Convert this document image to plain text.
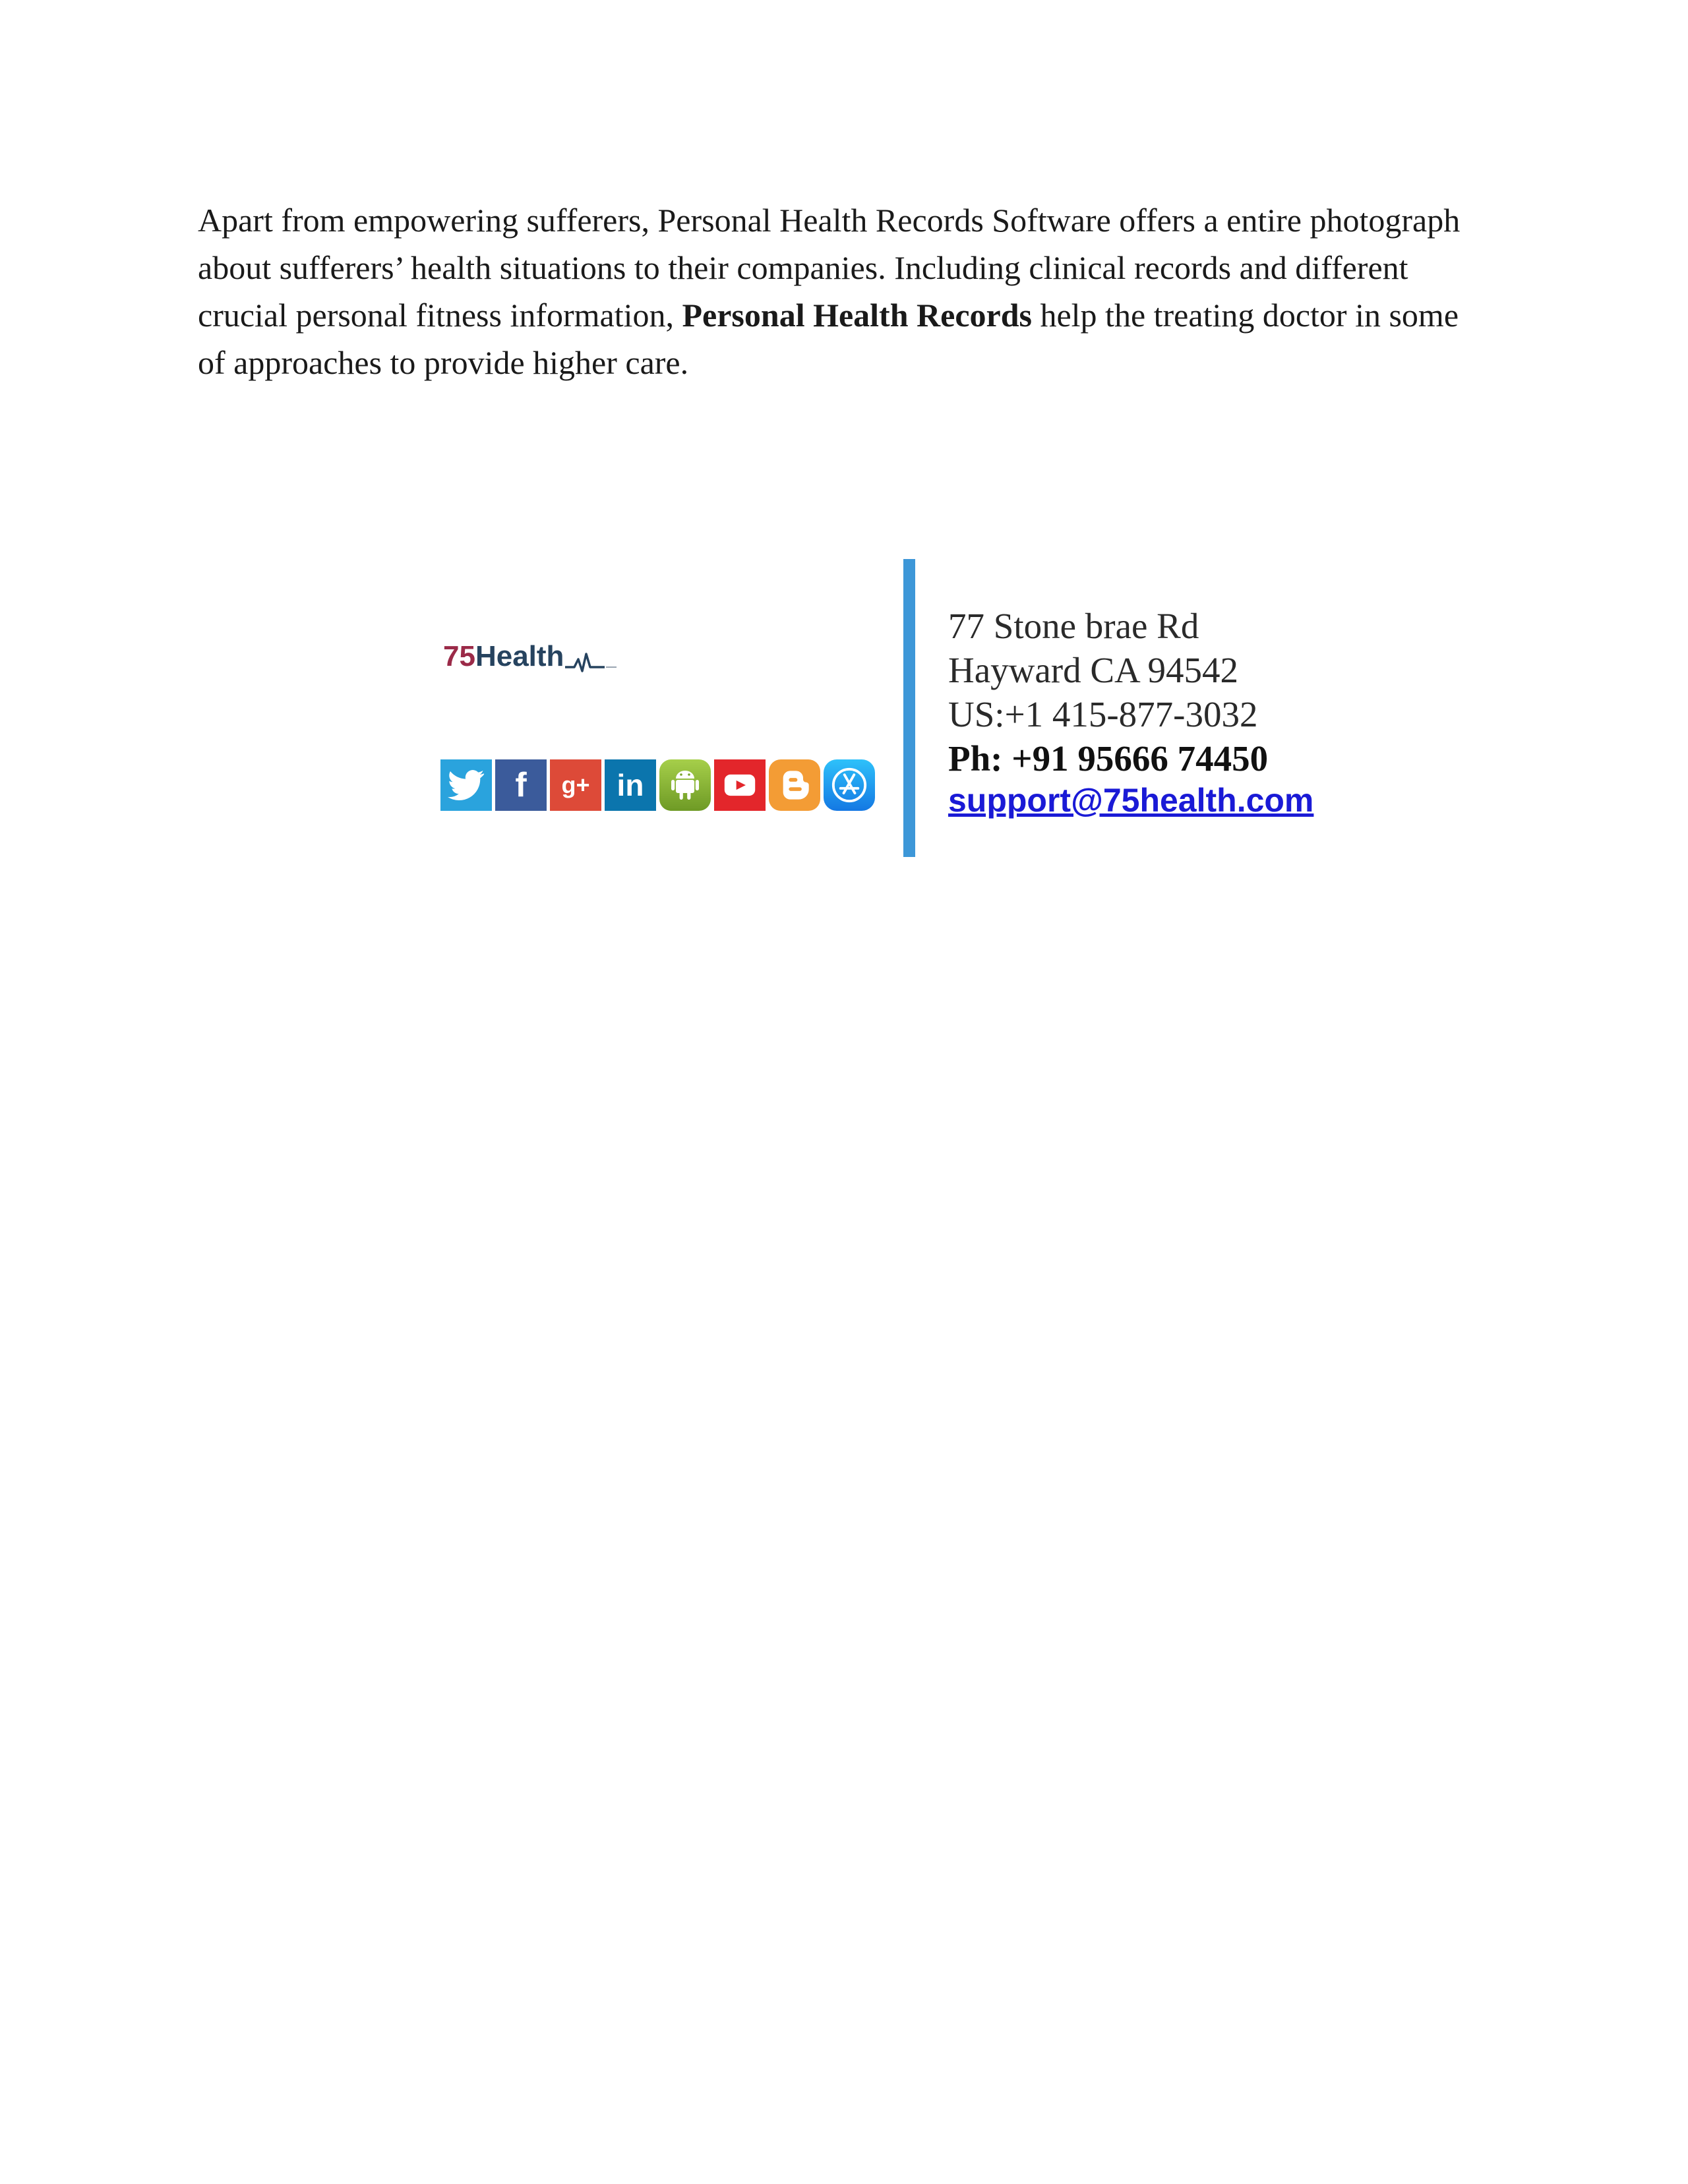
Apart from empowering sufferers, Personal Health Records Software offers a entire photograph about sufferers’ health situations to their companies. Including clinical records and different crucial personal fitness information, Personal Health Records help the treating doctor in some of approaches to provide higher care.

75 Health
f g+ in
77 Stone brae Rd
Hayward CA 94542
US:+1 415-877-3032
Ph: +91 95666 74450
support@75health.com
